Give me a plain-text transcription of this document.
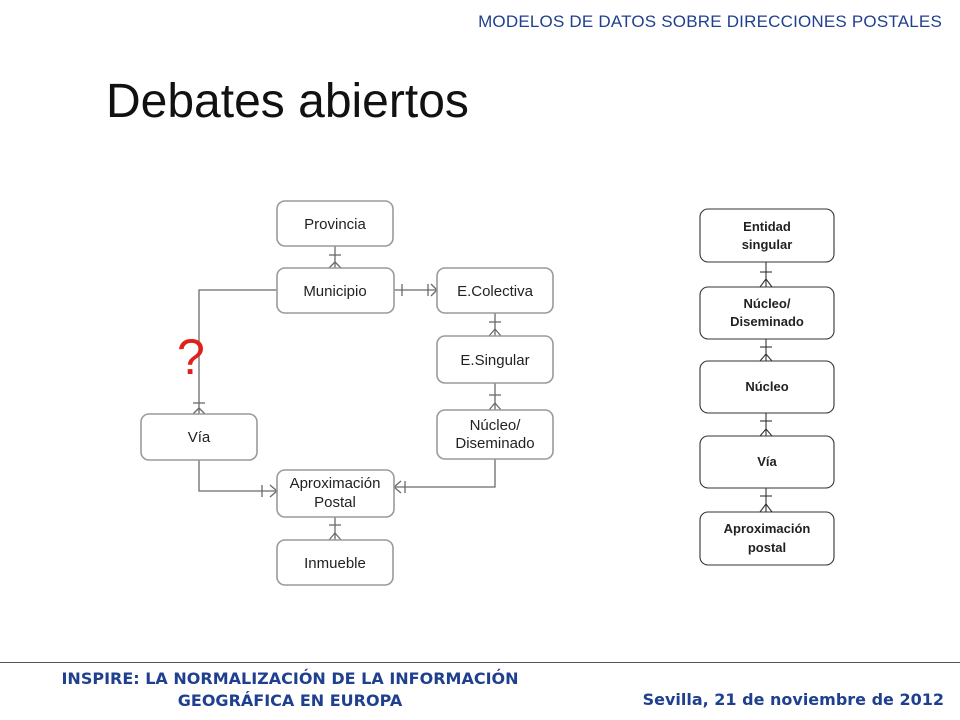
MODELOS DE DATOS SOBRE DIRECCIONES POSTALES
Debates abiertos
Provincia
Municipio	E.Colectiva
E.Singular
Núcleo/
Diseminado
Vía
Aproximación
Postal
Inmueble
?
Entidad
singular
Núcleo/
Diseminado
Núcleo
Vía
Aproximación
postal
INSPIRE: LA NORMALIZACIÓN DE LA INFORMACIÓN
GEOGRÁFICA EN EUROPA	Sevilla, 21 de noviembre de 2012
